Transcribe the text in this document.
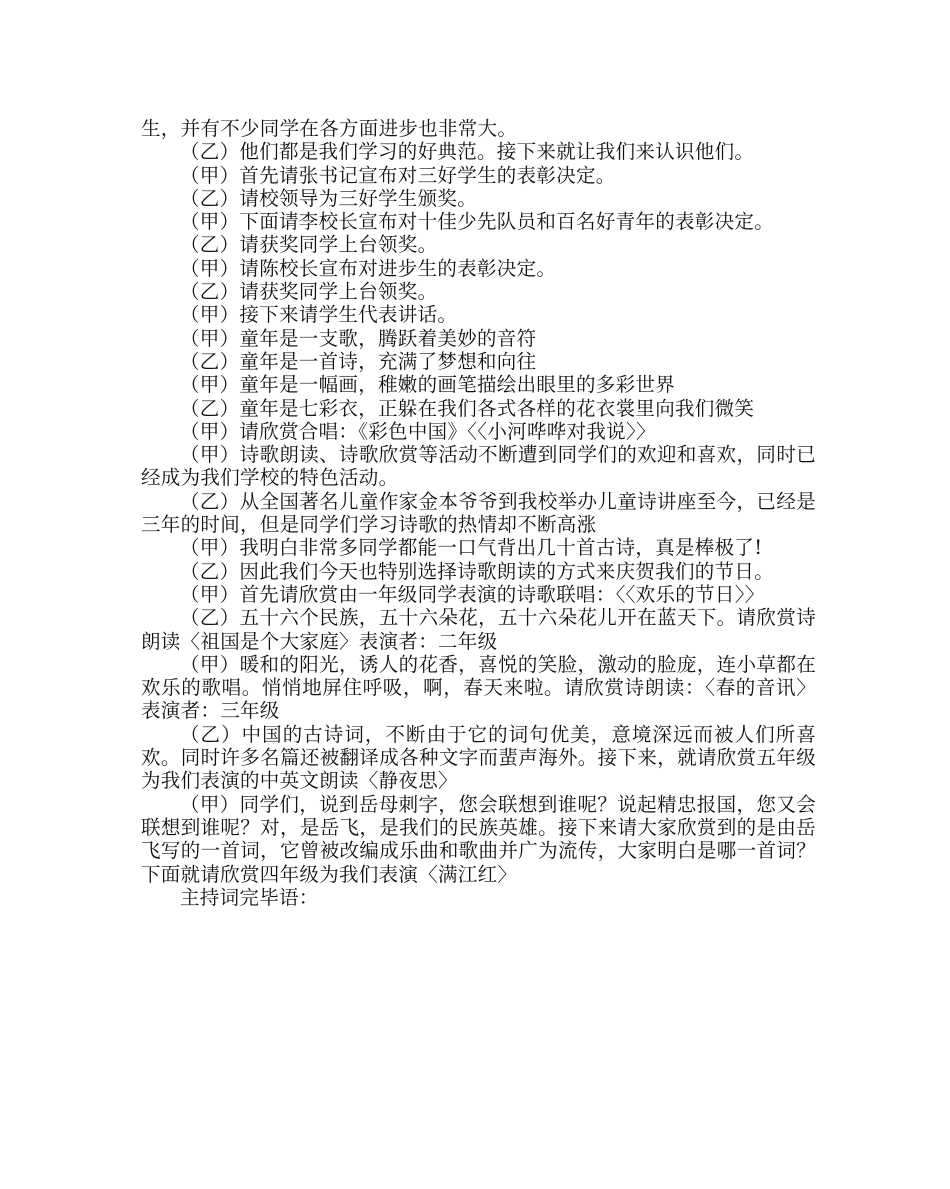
生，并有不少同学在各方面进步也非常大。

（乙）他们都是我们学习的好典范。接下来就让我们来认识他们。

（甲）首先请张书记宣布对三好学生的表彰决定。

（乙）请校领导为三好学生颁奖。

（甲）下面请李校长宣布对十佳少先队员和百名好青年的表彰决定。

（乙）请获奖同学上台领奖。

（甲）请陈校长宣布对进步生的表彰决定。

（乙）请获奖同学上台领奖。

（甲）接下来请学生代表讲话。

（甲）童年是一支歌，腾跃着美妙的音符

（乙）童年是一首诗，充满了梦想和向往

（甲）童年是一幅画，稚嫩的画笔描绘出眼里的多彩世界

（乙）童年是七彩衣，正躲在我们各式各样的花衣裳里向我们微笑

（甲）请欣赏合唱：《彩色中国》〈〈小河哗哗对我说〉〉

（甲）诗歌朗读、诗歌欣赏等活动不断遭到同学们的欢迎和喜欢，同时已经成为我们学校的特色活动。

（乙）从全国著名儿童作家金本爷爷到我校举办儿童诗讲座至今，已经是三年的时间，但是同学们学习诗歌的热情却不断高涨

（甲）我明白非常多同学都能一口气背出几十首古诗，真是棒极了!

（乙）因此我们今天也特别选择诗歌朗读的方式来庆贺我们的节日。

（甲）首先请欣赏由一年级同学表演的诗歌联唱：〈〈欢乐的节日〉〉

（乙）五十六个民族，五十六朵花，五十六朵花儿开在蓝天下。请欣赏诗朗读〈祖国是个大家庭〉表演者：二年级

（甲）暖和的阳光，诱人的花香，喜悦的笑脸，激动的脸庞，连小草都在欢乐的歌唱。悄悄地屏住呼吸，啊，春天来啦。请欣赏诗朗读：〈春的音讯〉表演者：三年级

（乙）中国的古诗词，不断由于它的词句优美，意境深远而被人们所喜欢。同时许多名篇还被翻译成各种文字而蜚声海外。接下来，就请欣赏五年级为我们表演的中英文朗读〈静夜思〉

（甲）同学们，说到岳母刺字，您会联想到谁呢？说起精忠报国，您又会联想到谁呢？对，是岳飞，是我们的民族英雄。接下来请大家欣赏到的是由岳飞写的一首词，它曾被改编成乐曲和歌曲并广为流传，大家明白是哪一首词？下面就请欣赏四年级为我们表演〈满江红〉

主持词完毕语：
